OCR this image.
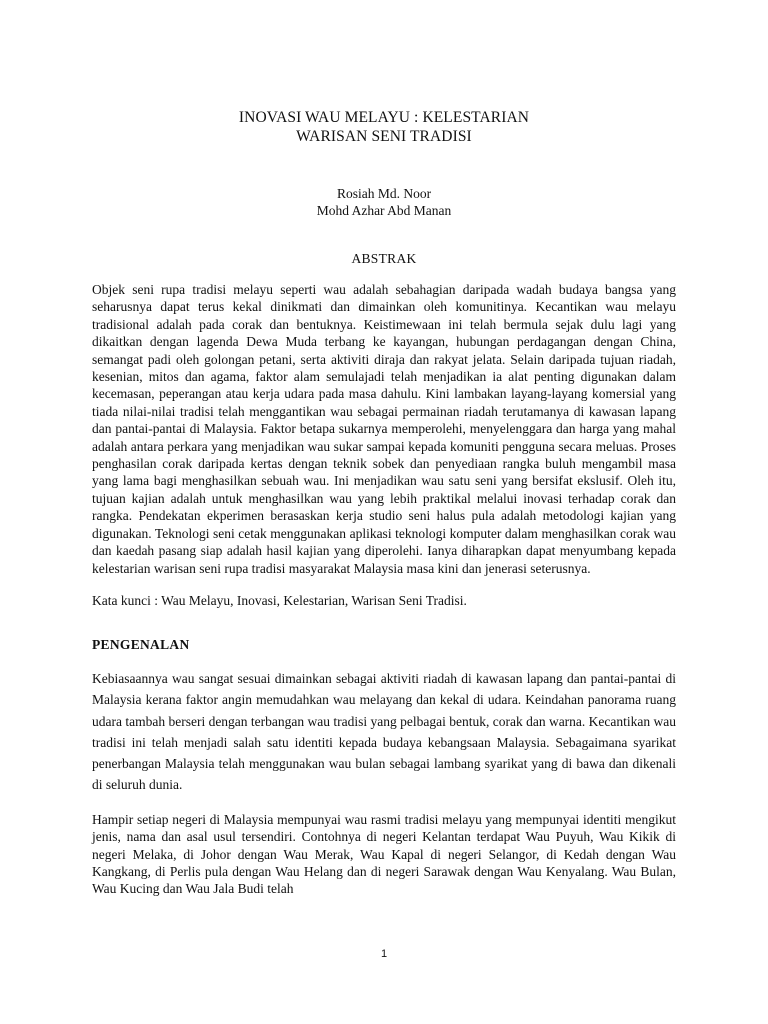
INOVASI WAU MELAYU : KELESTARIAN
WARISAN SENI TRADISI
Rosiah Md. Noor
Mohd Azhar Abd Manan
ABSTRAK

Objek seni rupa tradisi melayu seperti wau adalah sebahagian daripada wadah budaya bangsa yang seharusnya dapat terus kekal dinikmati dan dimainkan oleh komunitinya. Kecantikan wau melayu tradisional adalah pada corak dan bentuknya. Keistimewaan ini telah bermula sejak dulu lagi yang dikaitkan dengan lagenda Dewa Muda terbang ke kayangan, hubungan perdagangan dengan China, semangat padi oleh golongan petani, serta aktiviti diraja dan rakyat jelata. Selain daripada tujuan riadah, kesenian, mitos dan agama, faktor alam semulajadi telah menjadikan ia alat penting digunakan dalam kecemasan, peperangan atau kerja udara pada masa dahulu. Kini lambakan layang-layang komersial yang tiada nilai-nilai tradisi telah menggantikan wau sebagai permainan riadah terutamanya di kawasan lapang dan pantai-pantai di Malaysia. Faktor betapa sukarnya memperolehi, menyelenggara dan harga yang mahal adalah antara perkara yang menjadikan wau sukar sampai kepada komuniti pengguna secara meluas. Proses penghasilan corak daripada kertas dengan teknik sobek dan penyediaan rangka buluh mengambil masa yang lama bagi menghasilkan sebuah wau. Ini menjadikan wau satu seni yang bersifat ekslusif. Oleh itu, tujuan kajian adalah untuk menghasilkan wau yang lebih praktikal melalui inovasi terhadap corak dan rangka. Pendekatan ekperimen berasaskan kerja studio seni halus pula adalah metodologi kajian yang digunakan. Teknologi seni cetak menggunakan aplikasi teknologi komputer dalam menghasilkan corak wau dan kaedah pasang siap adalah hasil kajian yang diperolehi. Ianya diharapkan dapat menyumbang kepada kelestarian warisan seni rupa tradisi masyarakat Malaysia masa kini dan jenerasi seterusnya.

Kata kunci : Wau Melayu, Inovasi, Kelestarian, Warisan Seni Tradisi.

PENGENALAN

Kebiasaannya wau sangat sesuai dimainkan sebagai aktiviti riadah di kawasan lapang dan pantai-pantai di Malaysia kerana faktor angin memudahkan wau melayang dan kekal di udara. Keindahan panorama ruang udara tambah berseri dengan terbangan wau tradisi yang pelbagai bentuk, corak dan warna. Kecantikan wau tradisi ini telah menjadi salah satu identiti kepada budaya kebangsaan Malaysia. Sebagaimana syarikat penerbangan Malaysia telah menggunakan wau bulan sebagai lambang syarikat yang di bawa dan dikenali di seluruh dunia.

Hampir setiap negeri di Malaysia mempunyai wau rasmi tradisi melayu yang mempunyai identiti mengikut jenis, nama dan asal usul tersendiri. Contohnya di negeri Kelantan terdapat Wau Puyuh, Wau Kikik di negeri Melaka, di Johor dengan Wau Merak, Wau Kapal di negeri Selangor, di Kedah dengan Wau Kangkang, di Perlis pula dengan Wau Helang dan di negeri Sarawak dengan Wau Kenyalang. Wau Bulan, Wau Kucing dan Wau Jala Budi telah

1
